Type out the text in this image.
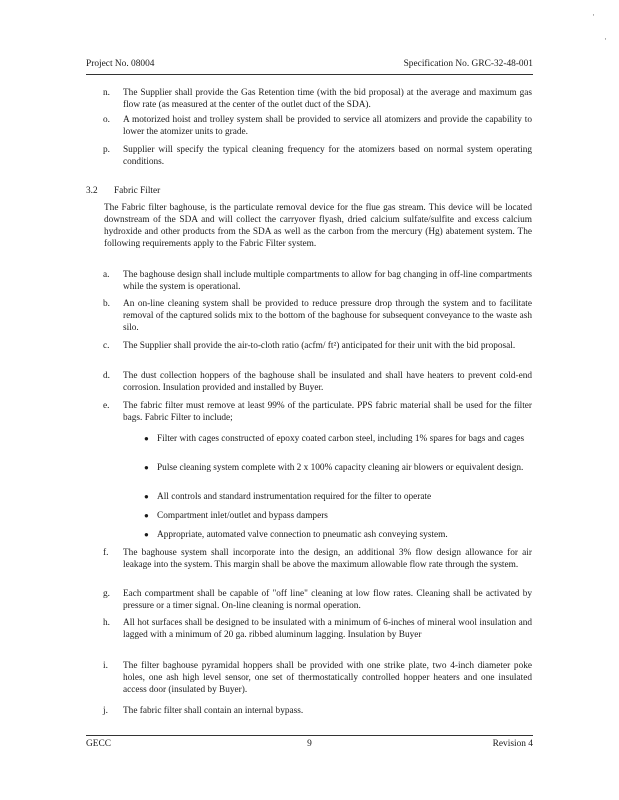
Project No. 08004	Specification No. GRC-32-48-001
n. The Supplier shall provide the Gas Retention time (with the bid proposal) at the average and maximum gas flow rate (as measured at the center of the outlet duct of the SDA).
o. A motorized hoist and trolley system shall be provided to service all atomizers and provide the capability to lower the atomizer units to grade.
p. Supplier will specify the typical cleaning frequency for the atomizers based on normal system operating conditions.
3.2 Fabric Filter
The Fabric filter baghouse, is the particulate removal device for the flue gas stream. This device will be located downstream of the SDA and will collect the carryover flyash, dried calcium sulfate/sulfite and excess calcium hydroxide and other products from the SDA as well as the carbon from the mercury (Hg) abatement system. The following requirements apply to the Fabric Filter system.
a. The baghouse design shall include multiple compartments to allow for bag changing in off-line compartments while the system is operational.
b. An on-line cleaning system shall be provided to reduce pressure drop through the system and to facilitate removal of the captured solids mix to the bottom of the baghouse for subsequent conveyance to the waste ash silo.
c. The Supplier shall provide the air-to-cloth ratio (acfm/ ft²) anticipated for their unit with the bid proposal.
d. The dust collection hoppers of the baghouse shall be insulated and shall have heaters to prevent cold-end corrosion. Insulation provided and installed by Buyer.
e. The fabric filter must remove at least 99% of the particulate. PPS fabric material shall be used for the filter bags. Fabric Filter to include;
● Filter with cages constructed of epoxy coated carbon steel, including 1% spares for bags and cages
● Pulse cleaning system complete with 2 x 100% capacity cleaning air blowers or equivalent design.
● All controls and standard instrumentation required for the filter to operate
● Compartment inlet/outlet and bypass dampers
● Appropriate, automated valve connection to pneumatic ash conveying system.
f. The baghouse system shall incorporate into the design, an additional 3% flow design allowance for air leakage into the system. This margin shall be above the maximum allowable flow rate through the system.
g. Each compartment shall be capable of "off line" cleaning at low flow rates. Cleaning shall be activated by pressure or a timer signal. On-line cleaning is normal operation.
h. All hot surfaces shall be designed to be insulated with a minimum of 6-inches of mineral wool insulation and lagged with a minimum of 20 ga. ribbed aluminum lagging. Insulation by Buyer
i. The filter baghouse pyramidal hoppers shall be provided with one strike plate, two 4-inch diameter poke holes, one ash high level sensor, one set of thermostatically controlled hopper heaters and one insulated access door (insulated by Buyer).
j. The fabric filter shall contain an internal bypass.
GECC	9	Revision 4
·
·
